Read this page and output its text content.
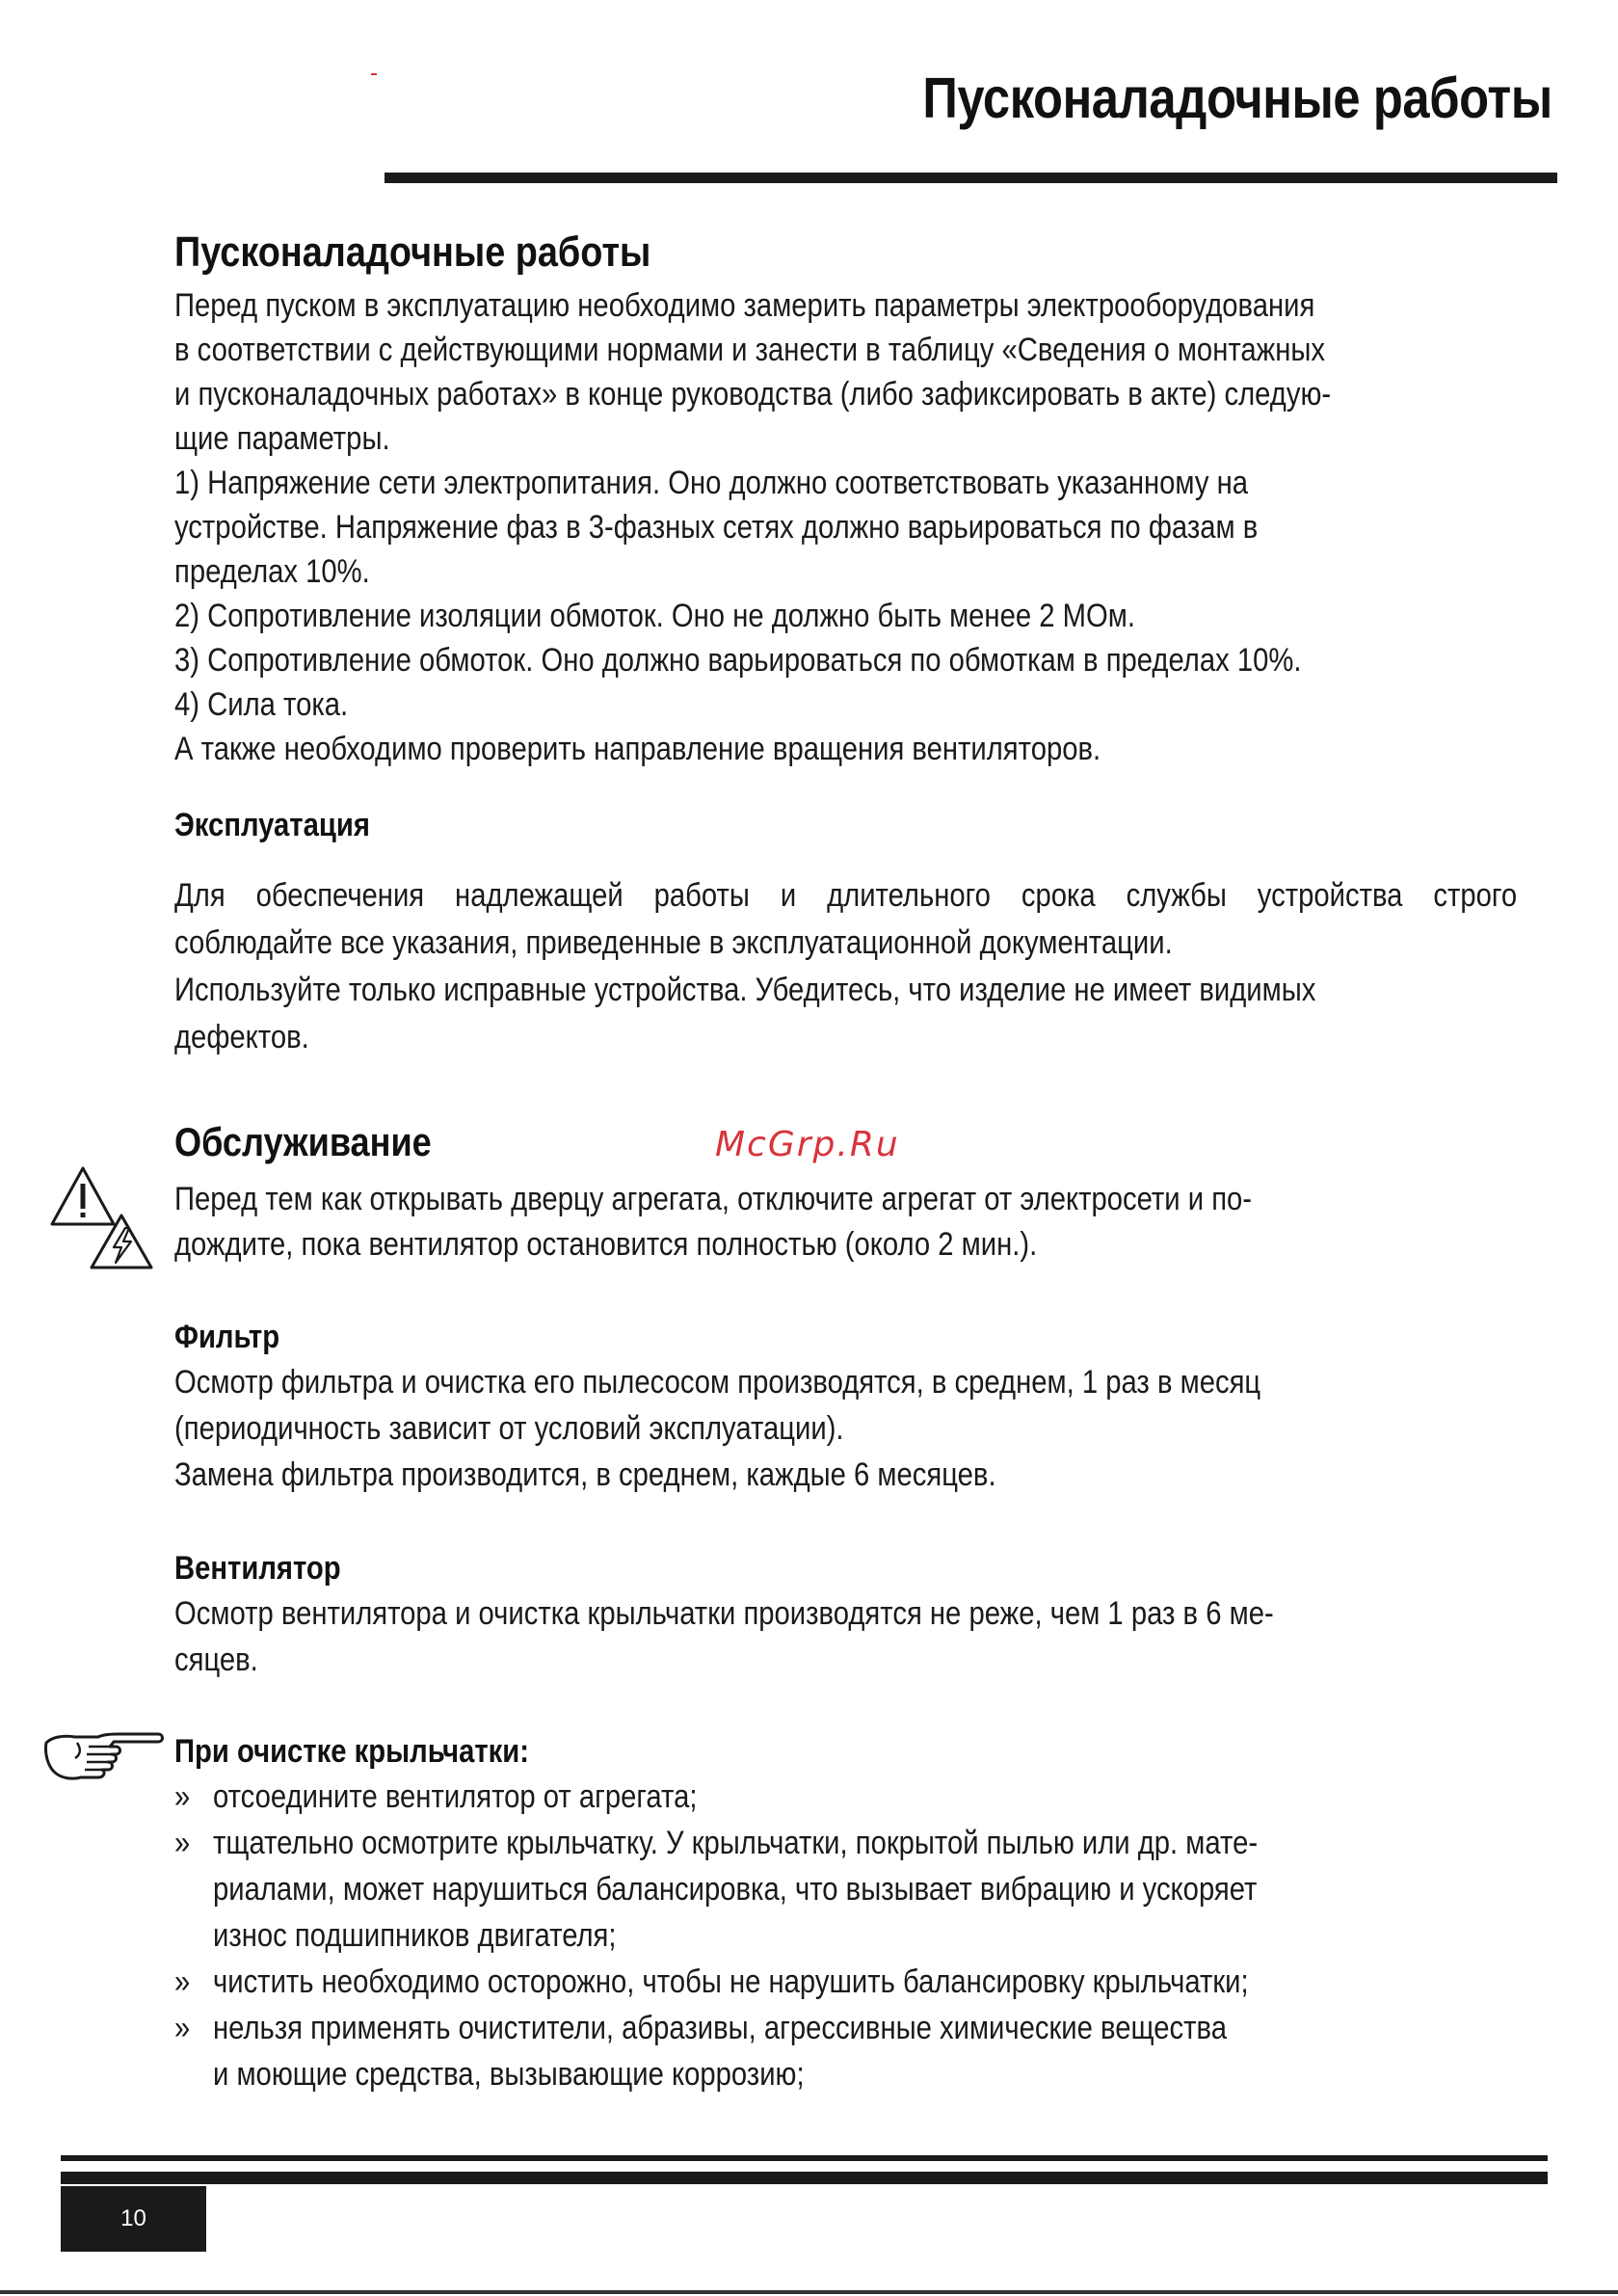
Пусконаладочные работы
Пусконаладочные работы
Перед пуском в эксплуатацию необходимо замерить параметры электрооборудования
в соответствии с действующими нормами и занести в таблицу «Сведения о монтажных
и пусконаладочных работах» в конце руководства (либо зафиксировать в акте) следую-
щие параметры.
1) Напряжение сети электропитания. Оно должно соответствовать указанному на
устройстве. Напряжение фаз в 3-фазных сетях должно варьироваться по фазам в
пределах 10%.
2) Сопротивление изоляции обмоток. Оно не должно быть менее 2 МОм.
3) Сопротивление обмоток. Оно должно варьироваться по обмоткам в пределах 10%.
4) Сила тока.
А также необходимо проверить направление вращения вентиляторов.
Эксплуатация
Для обеспечения надлежащей работы и длительного срока службы устройства строго
соблюдайте все указания, приведенные в эксплуатационной документации.
Используйте только исправные устройства. Убедитесь, что изделие не имеет видимых
дефектов.
Обслуживание
Перед тем как открывать дверцу агрегата, отключите агрегат от электросети и по-
дождите, пока вентилятор остановится полностью (около 2 мин.).
Фильтр
Осмотр фильтра и очистка его пылесосом производятся, в среднем, 1 раз в месяц
(периодичность зависит от условий эксплуатации).
Замена фильтра производится, в среднем, каждые 6 месяцев.
Вентилятор
Осмотр вентилятора и очистка крыльчатки производятся не реже, чем 1 раз в 6 ме-
сяцев.
При очистке крыльчатки:
» отсоедините вентилятор от агрегата;
» тщательно осмотрите крыльчатку. У крыльчатки, покрытой пылью или др. мате-
риалами, может нарушиться балансировка, что вызывает вибрацию и ускоряет
износ подшипников двигателя;
» чистить необходимо осторожно, чтобы не нарушить балансировку крыльчатки;
» нельзя применять очистители, абразивы, агрессивные химические вещества
и моющие средства, вызывающие коррозию;
McGrp.Ru
10
